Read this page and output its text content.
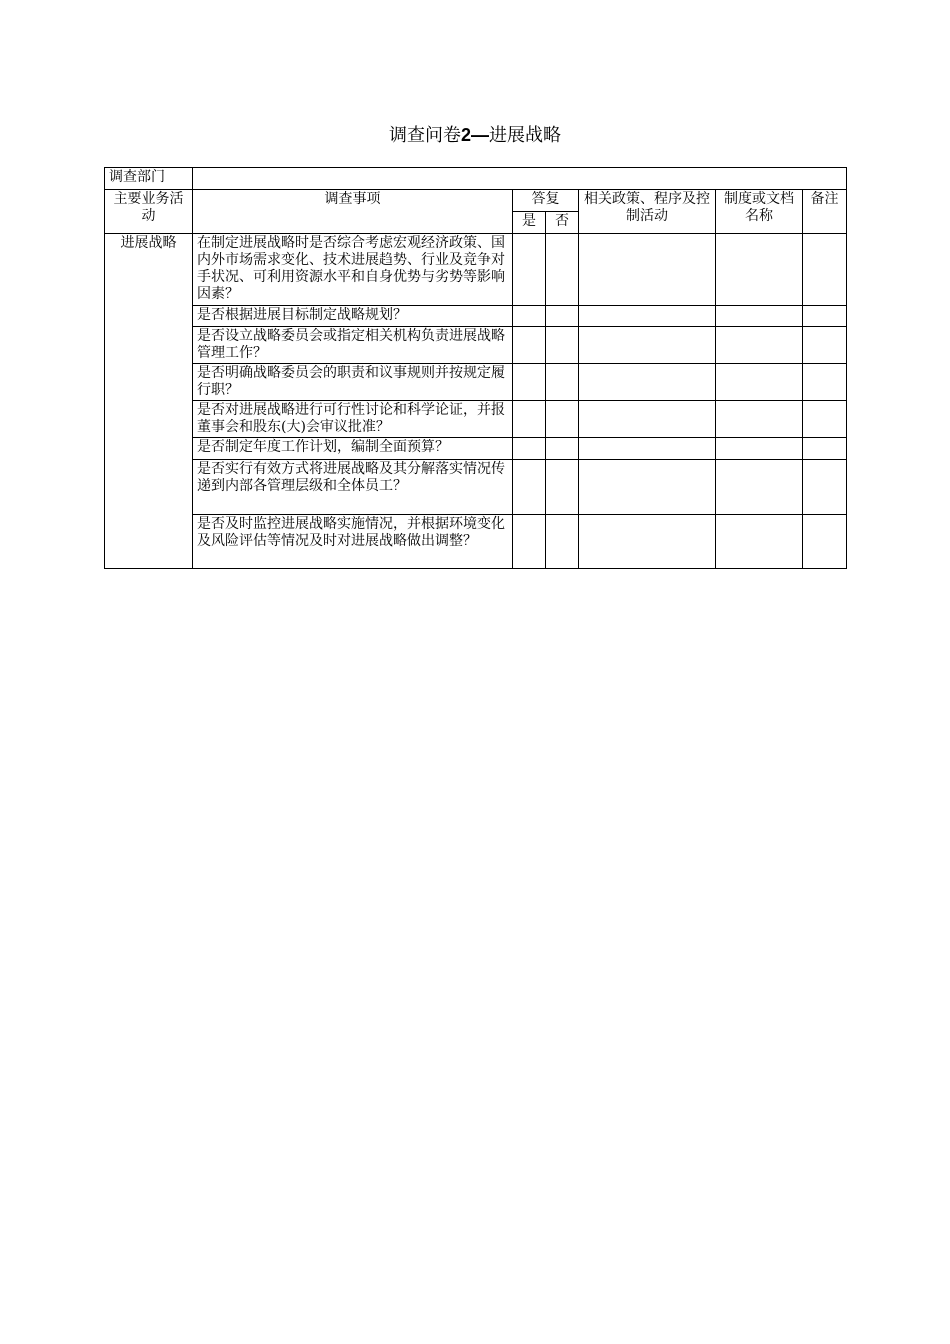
调查问卷2—进展战略
调查部门						
主要业务活动	调查事项	答复		相关政策、程序及控制活动	制度或文档名称	备注
		是	否			
进展战略	在制定进展战略时是否综合考虑宏观经济政策、国内外市场需求变化、技术进展趋势、行业及竞争对手状况、可利用资源水平和自身优势与劣势等影响因素？					
	是否根据进展目标制定战略规划？					
	是否设立战略委员会或指定相关机构负责进展战略管理工作？					
	是否明确战略委员会的职责和议事规则并按规定履行职？					
	是否对进展战略进行可行性讨论和科学论证，并报董事会和股东(大)会审议批准？					
	是否制定年度工作计划，编制全面预算？					
	是否实行有效方式将进展战略及其分解落实情况传递到内部各管理层级和全体员工？					
	是否及时监控进展战略实施情况，并根据环境变化及风险评估等情况及时对进展战略做出调整？					
